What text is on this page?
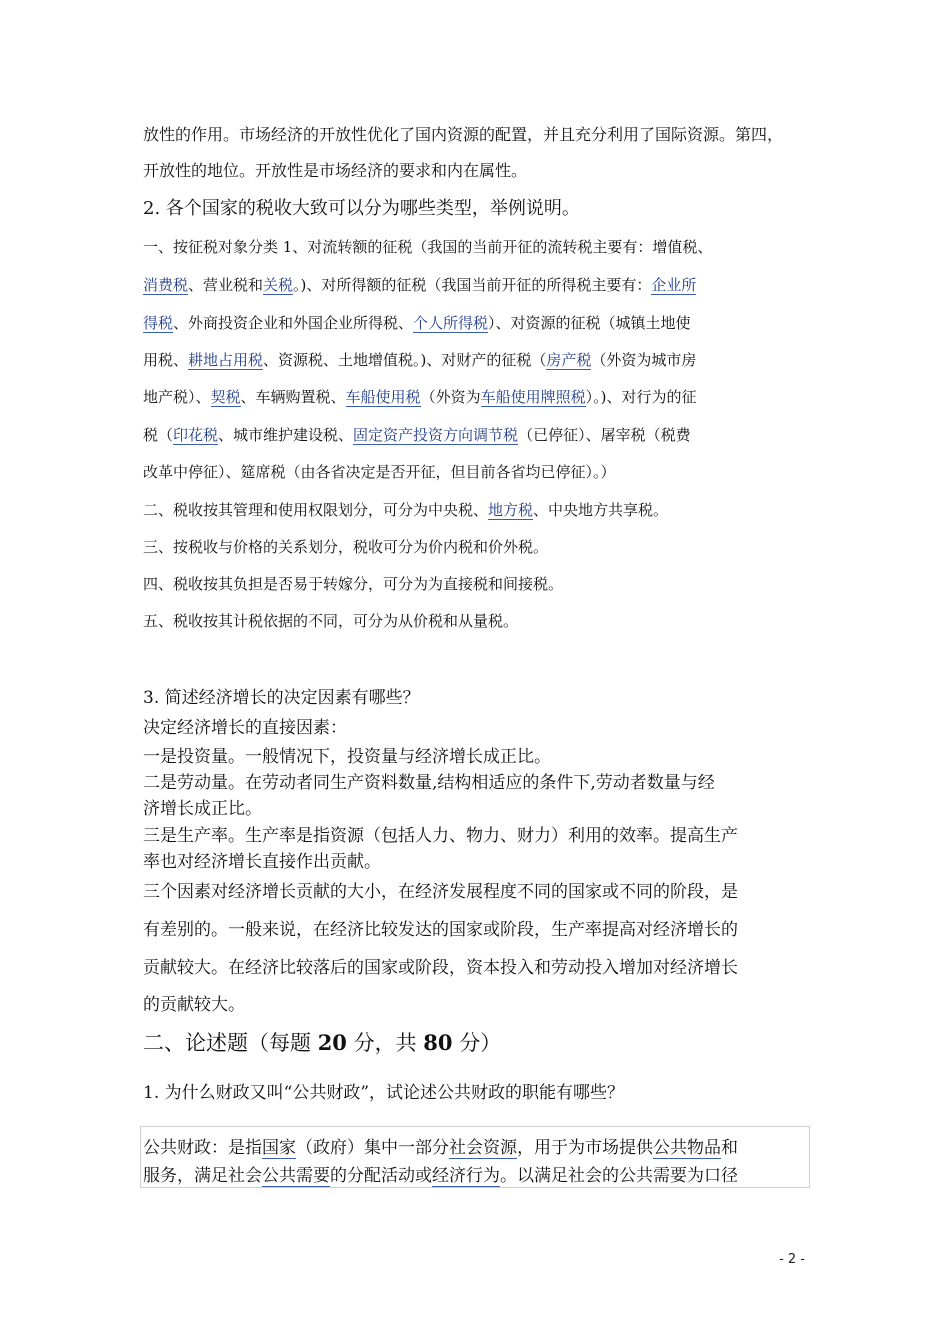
放性的作用。市场经济的开放性优化了国内资源的配置，并且充分利用了国际资源。第四，
开放性的地位。开放性是市场经济的要求和内在属性。
2. 各个国家的税收大致可以分为哪些类型，举例说明。
一、按征税对象分类 1、对流转额的征税（我国的当前开征的流转税主要有：增值税、
消费税、营业税和关税。)、对所得额的征税（我国当前开征的所得税主要有：企业所
得税、外商投资企业和外国企业所得税、个人所得税）、对资源的征税（城镇土地使
用税、耕地占用税、资源税、土地增值税。)、对财产的征税（房产税（外资为城市房
地产税）、契税、车辆购置税、车船使用税（外资为车船使用牌照税）。)、对行为的征
税（印花税、城市维护建设税、固定资产投资方向调节税（已停征）、屠宰税（税费
改革中停征）、筵席税（由各省决定是否开征，但目前各省均已停征）。）
二、税收按其管理和使用权限划分，可分为中央税、地方税、中央地方共享税。
三、按税收与价格的关系划分，税收可分为价内税和价外税。
四、税收按其负担是否易于转嫁分，可分为为直接税和间接税。
五、税收按其计税依据的不同，可分为从价税和从量税。
3. 简述经济增长的决定因素有哪些？
决定经济增长的直接因素：
一是投资量。一般情况下，投资量与经济增长成正比。
二是劳动量。在劳动者同生产资料数量,结构相适应的条件下,劳动者数量与经
济增长成正比。
三是生产率。生产率是指资源（包括人力、物力、财力）利用的效率。提高生产
率也对经济增长直接作出贡献。
三个因素对经济增长贡献的大小，在经济发展程度不同的国家或不同的阶段，是
有差别的。一般来说，在经济比较发达的国家或阶段，生产率提高对经济增长的
贡献较大。在经济比较落后的国家或阶段，资本投入和劳动投入增加对经济增长
的贡献较大。
二、论述题（每题 20 分，共 80 分）
1. 为什么财政又叫“公共财政”，试论述公共财政的职能有哪些？
公共财政：是指国家（政府）集中一部分社会资源，用于为市场提供公共物品和
服务，满足社会公共需要的分配活动或经济行为。以满足社会的公共需要为口径
- 2 -
